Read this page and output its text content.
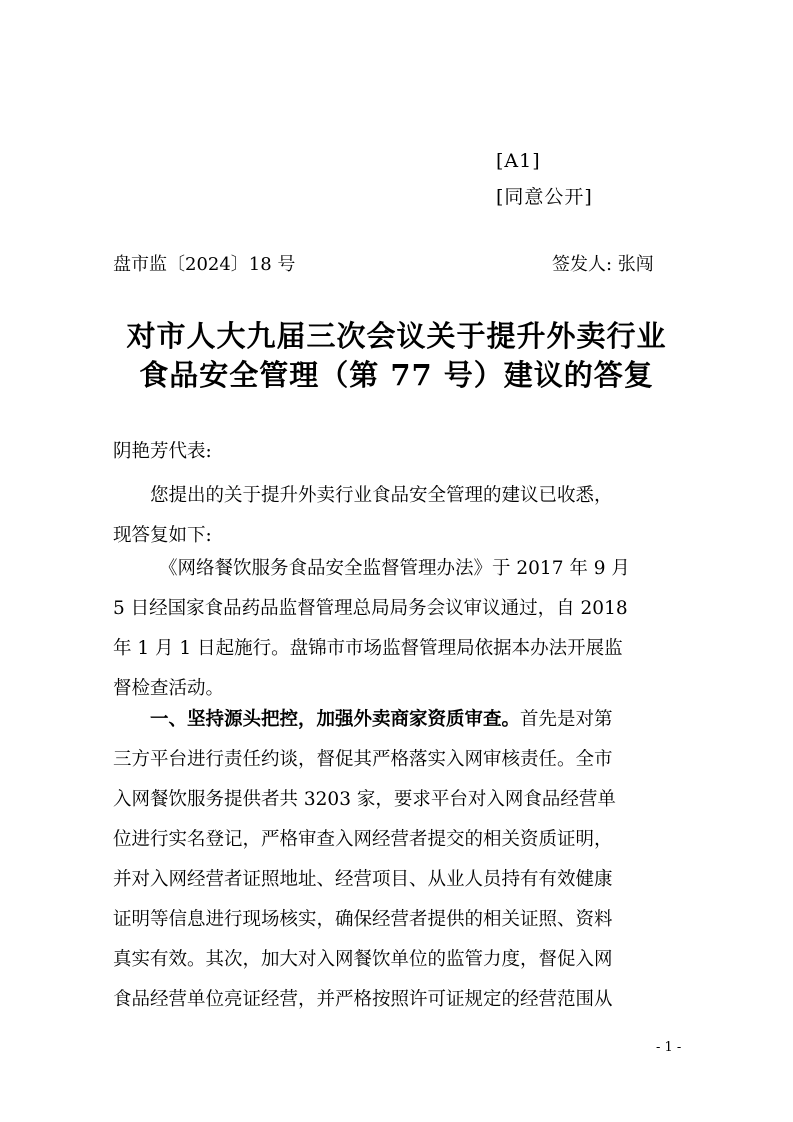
[A1]
[同意公开]
盘市监〔2024〕18 号	签发人: 张闯
对市人大九届三次会议关于提升外卖行业
食品安全管理（第 77 号）建议的答复
阴艳芳代表:
您提出的关于提升外卖行业食品安全管理的建议已收悉，
现答复如下:
《网络餐饮服务食品安全监督管理办法》于 2017 年 9 月
5 日经国家食品药品监督管理总局局务会议审议通过，自 2018
年 1 月 1 日起施行。盘锦市市场监督管理局依据本办法开展监
督检查活动。
一、坚持源头把控，加强外卖商家资质审查。首先是对第
三方平台进行责任约谈，督促其严格落实入网审核责任。全市
入网餐饮服务提供者共 3203 家，要求平台对入网食品经营单
位进行实名登记，严格审查入网经营者提交的相关资质证明，
并对入网经营者证照地址、经营项目、从业人员持有有效健康
证明等信息进行现场核实，确保经营者提供的相关证照、资料
真实有效。其次，加大对入网餐饮单位的监管力度，督促入网
食品经营单位亮证经营，并严格按照许可证规定的经营范围从
- 1 -
